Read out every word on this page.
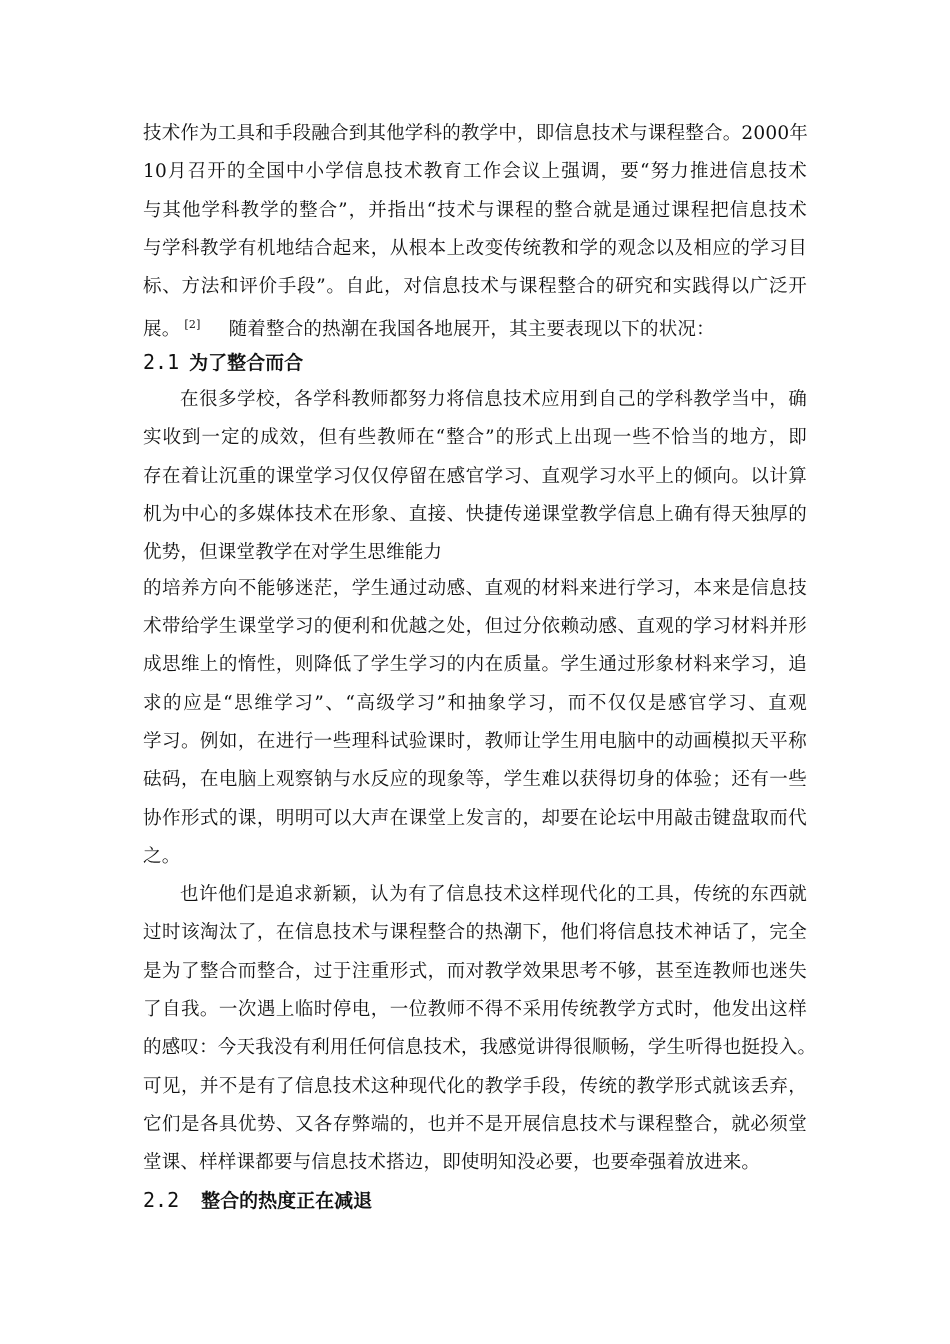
技术作为工具和手段融合到其他学科的教学中，即信息技术与课程整合。2000年
10月召开的全国中小学信息技术教育工作会议上强调，要“努力推进信息技术
与其他学科教学的整合”，并指出“技术与课程的整合就是通过课程把信息技术
与学科教学有机地结合起来，从根本上改变传统教和学的观念以及相应的学习目
标、方法和评价手段”。自此，对信息技术与课程整合的研究和实践得以广泛开
展。 [2] 随着整合的热潮在我国各地展开，其主要表现以下的状况：
2.1 为了整合而合
在很多学校，各学科教师都努力将信息技术应用到自己的学科教学当中，确
实收到一定的成效，但有些教师在“整合”的形式上出现一些不恰当的地方，即
存在着让沉重的课堂学习仅仅停留在感官学习、直观学习水平上的倾向。以计算
机为中心的多媒体技术在形象、直接、快捷传递课堂教学信息上确有得天独厚的
优势，但课堂教学在对学生思维能力
的培养方向不能够迷茫，学生通过动感、直观的材料来进行学习，本来是信息技
术带给学生课堂学习的便利和优越之处，但过分依赖动感、直观的学习材料并形
成思维上的惰性，则降低了学生学习的内在质量。学生通过形象材料来学习，追
求的应是“思维学习”、“高级学习”和抽象学习，而不仅仅是感官学习、直观
学习。例如，在进行一些理科试验课时，教师让学生用电脑中的动画模拟天平称
砝码，在电脑上观察钠与水反应的现象等，学生难以获得切身的体验；还有一些
协作形式的课，明明可以大声在课堂上发言的，却要在论坛中用敲击键盘取而代
之。
也许他们是追求新颖，认为有了信息技术这样现代化的工具，传统的东西就
过时该淘汰了，在信息技术与课程整合的热潮下，他们将信息技术神话了，完全
是为了整合而整合，过于注重形式，而对教学效果思考不够，甚至连教师也迷失
了自我。一次遇上临时停电，一位教师不得不采用传统教学方式时，他发出这样
的感叹：今天我没有利用任何信息技术，我感觉讲得很顺畅，学生听得也挺投入。
可见，并不是有了信息技术这种现代化的教学手段，传统的教学形式就该丢弃，
它们是各具优势、又各存弊端的，也并不是开展信息技术与课程整合，就必须堂
堂课、样样课都要与信息技术搭边，即使明知没必要，也要牵强着放进来。
2.2 整合的热度正在减退
